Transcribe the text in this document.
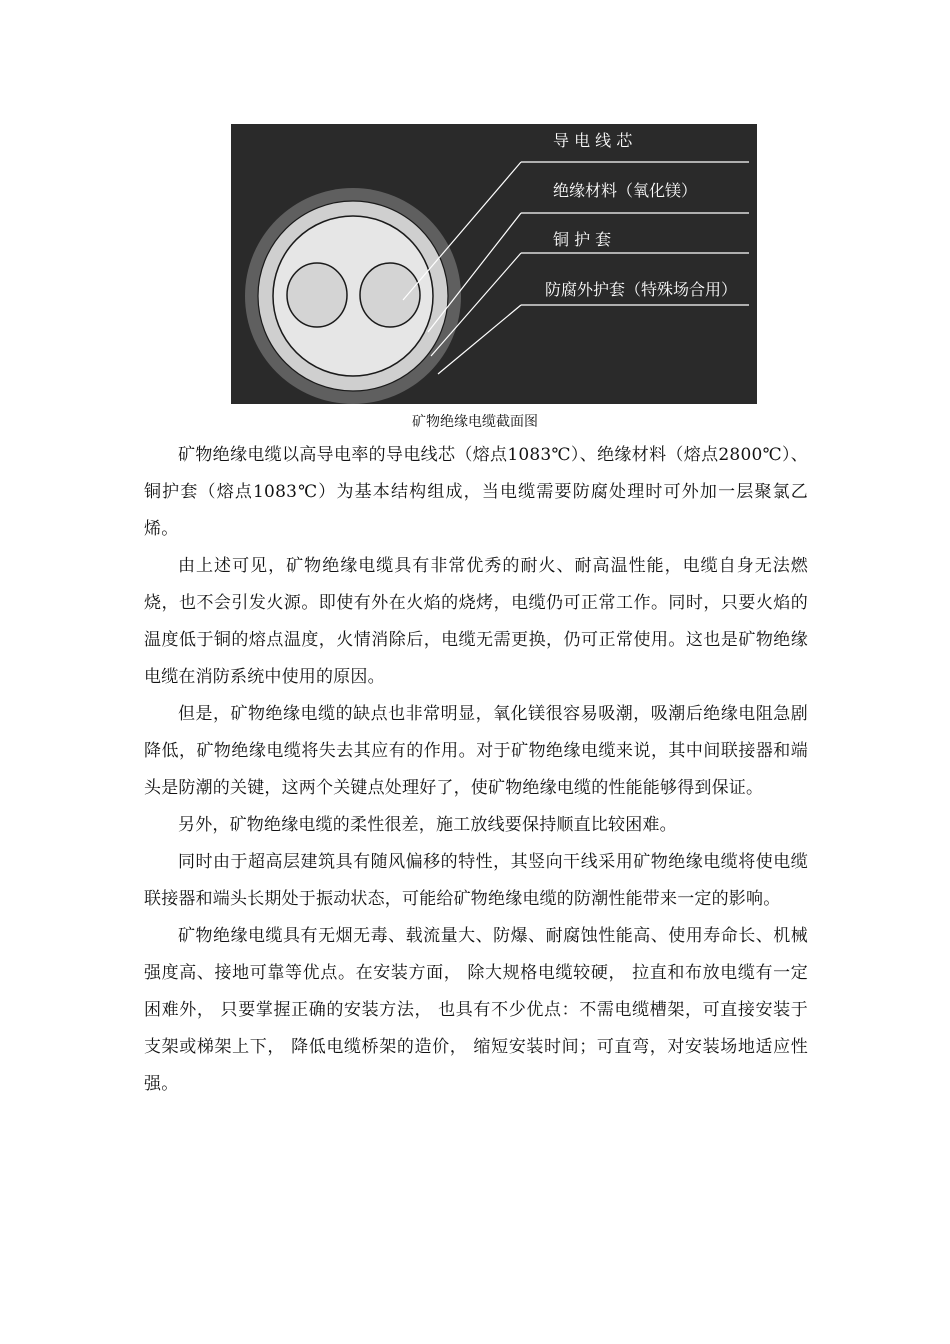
导 电 线 芯
绝缘材料（氧化镁）
铜 护 套
防腐外护套（特殊场合用）
矿物绝缘电缆截面图

矿物绝缘电缆以高导电率的导电线芯（熔点1083℃）、绝缘材料（熔点2800℃）、铜护套（熔点1083℃）为基本结构组成，当电缆需要防腐处理时可外加一层聚氯乙烯。

由上述可见，矿物绝缘电缆具有非常优秀的耐火、耐高温性能，电缆自身无法燃烧，也不会引发火源。即使有外在火焰的烧烤，电缆仍可正常工作。同时，只要火焰的温度低于铜的熔点温度，火情消除后，电缆无需更换，仍可正常使用。这也是矿物绝缘电缆在消防系统中使用的原因。

但是，矿物绝缘电缆的缺点也非常明显，氧化镁很容易吸潮，吸潮后绝缘电阻急剧降低，矿物绝缘电缆将失去其应有的作用。对于矿物绝缘电缆来说，其中间联接器和端头是防潮的关键，这两个关键点处理好了，使矿物绝缘电缆的性能能够得到保证。

另外，矿物绝缘电缆的柔性很差，施工放线要保持顺直比较困难。

同时由于超高层建筑具有随风偏移的特性，其竖向干线采用矿物绝缘电缆将使电缆联接器和端头长期处于振动状态，可能给矿物绝缘电缆的防潮性能带来一定的影响。

矿物绝缘电缆具有无烟无毒、载流量大、防爆、耐腐蚀性能高、使用寿命长、机械强度高、接地可靠等优点。在安装方面， 除大规格电缆较硬， 拉直和布放电缆有一定困难外， 只要掌握正确的安装方法， 也具有不少优点：不需电缆槽架，可直接安装于支架或梯架上下， 降低电缆桥架的造价， 缩短安装时间；可直弯，对安装场地适应性强。
